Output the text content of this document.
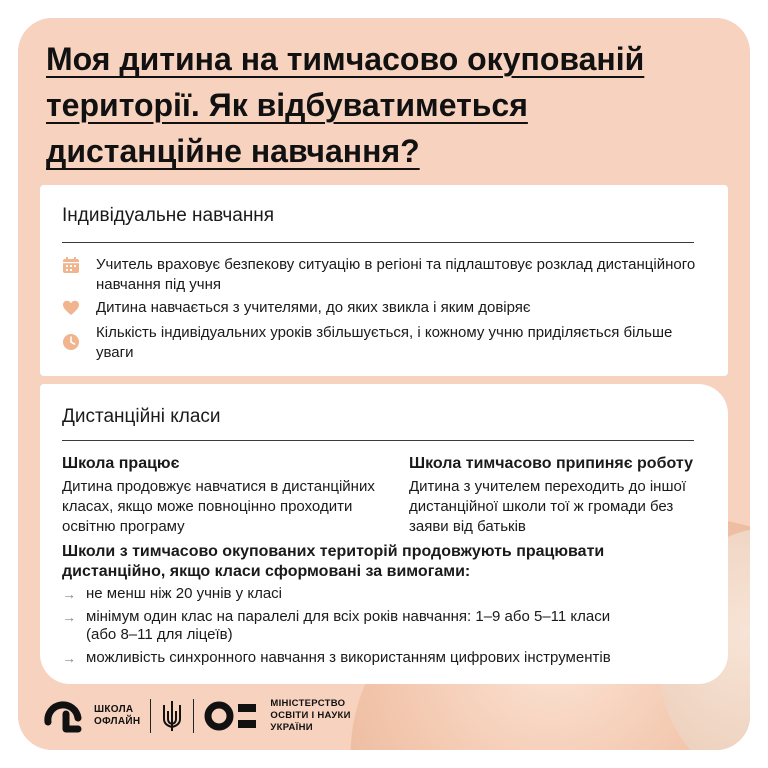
Моя дитина на тимчасово окупованій
території. Як відбуватиметься
дистанційне навчання?
Індивідуальне навчання
Учитель враховує безпекову ситуацію в регіоні та підлаштовує розклад дистанційного навчання під учня
Дитина навчається з учителями, до яких звикла і яким довіряє
Кількість індивідуальних уроків збільшується, і кожному учню приділяється більше уваги
Дистанційні класи
Школа працює
Дитина продовжує навчатися в дистанційних класах, якщо може повноцінно проходити освітню програму
Школа тимчасово припиняє роботу
Дитина з учителем переходить до іншої дистанційної школи тої ж громади без заяви від батьків
Школи з тимчасово окупованих територій продовжують працювати дистанційно, якщо класи сформовані за вимогами:
→ не менш ніж 20 учнів у класі
→ мінімум один клас на паралелі для всіх років навчання: 1–9 або 5–11 класи (або 8–11 для ліцеїв)
→ можливість синхронного навчання з використанням цифрових інструментів
ШКОЛА
ОФЛАЙН
МІНІСТЕРСТВО
ОСВІТИ І НАУКИ
УКРАЇНИ
